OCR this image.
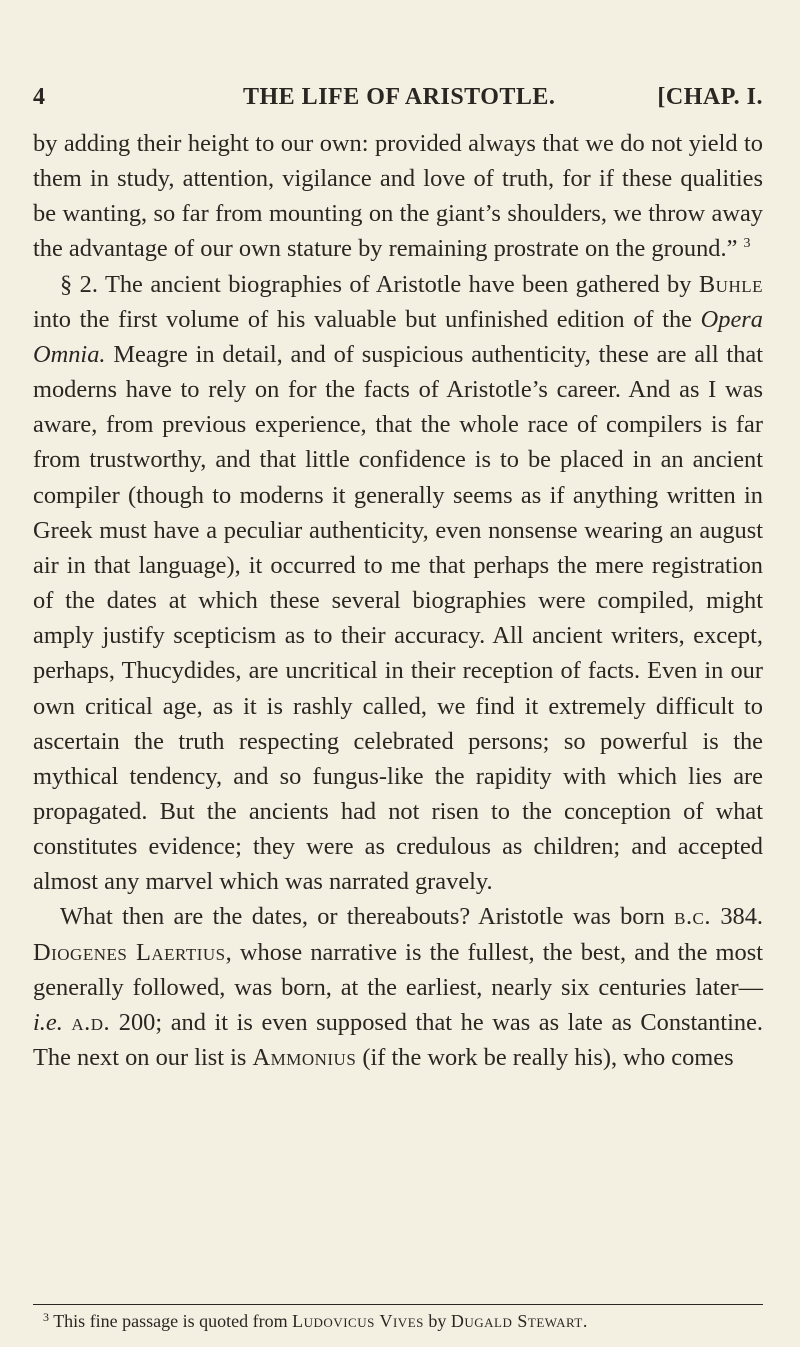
4	THE LIFE OF ARISTOTLE.	[CHAP. I.

by adding their height to our own: provided always that we do not yield to them in study, attention, vigilance and love of truth, for if these qualities be wanting, so far from mounting on the giant’s shoulders, we throw away the advantage of our own stature by remaining prostrate on the ground.” $^3$

§ 2. The ancient biographies of Aristotle have been gathered by Buhle into the first volume of his valuable but unfinished edition of the Opera Omnia. Meagre in detail, and of suspicious authenticity, these are all that moderns have to rely on for the facts of Aristotle’s career. And as I was aware, from previous experience, that the whole race of compilers is far from trustworthy, and that little confidence is to be placed in an ancient compiler (though to moderns it generally seems as if anything written in Greek must have a peculiar authenticity, even nonsense wearing an august air in that language), it occurred to me that perhaps the mere registration of the dates at which these several biographies were compiled, might amply justify scepticism as to their accuracy. All ancient writers, except, perhaps, Thucydides, are uncritical in their reception of facts. Even in our own critical age, as it is rashly called, we find it extremely difficult to ascertain the truth respecting celebrated persons; so powerful is the mythical tendency, and so fungus-like the rapidity with which lies are propagated. But the ancients had not risen to the conception of what constitutes evidence; they were as credulous as children; and accepted almost any marvel which was narrated gravely.

What then are the dates, or thereabouts? Aristotle was born b.c. 384. Diogenes Laertius, whose narrative is the fullest, the best, and the most generally followed, was born, at the earliest, nearly six centuries later—i.e. a.d. 200; and it is even supposed that he was as late as Constantine. The next on our list is Ammonius (if the work be really his), who comes

$^3$ This fine passage is quoted from Ludovicus Vives by Dugald Stewart.
